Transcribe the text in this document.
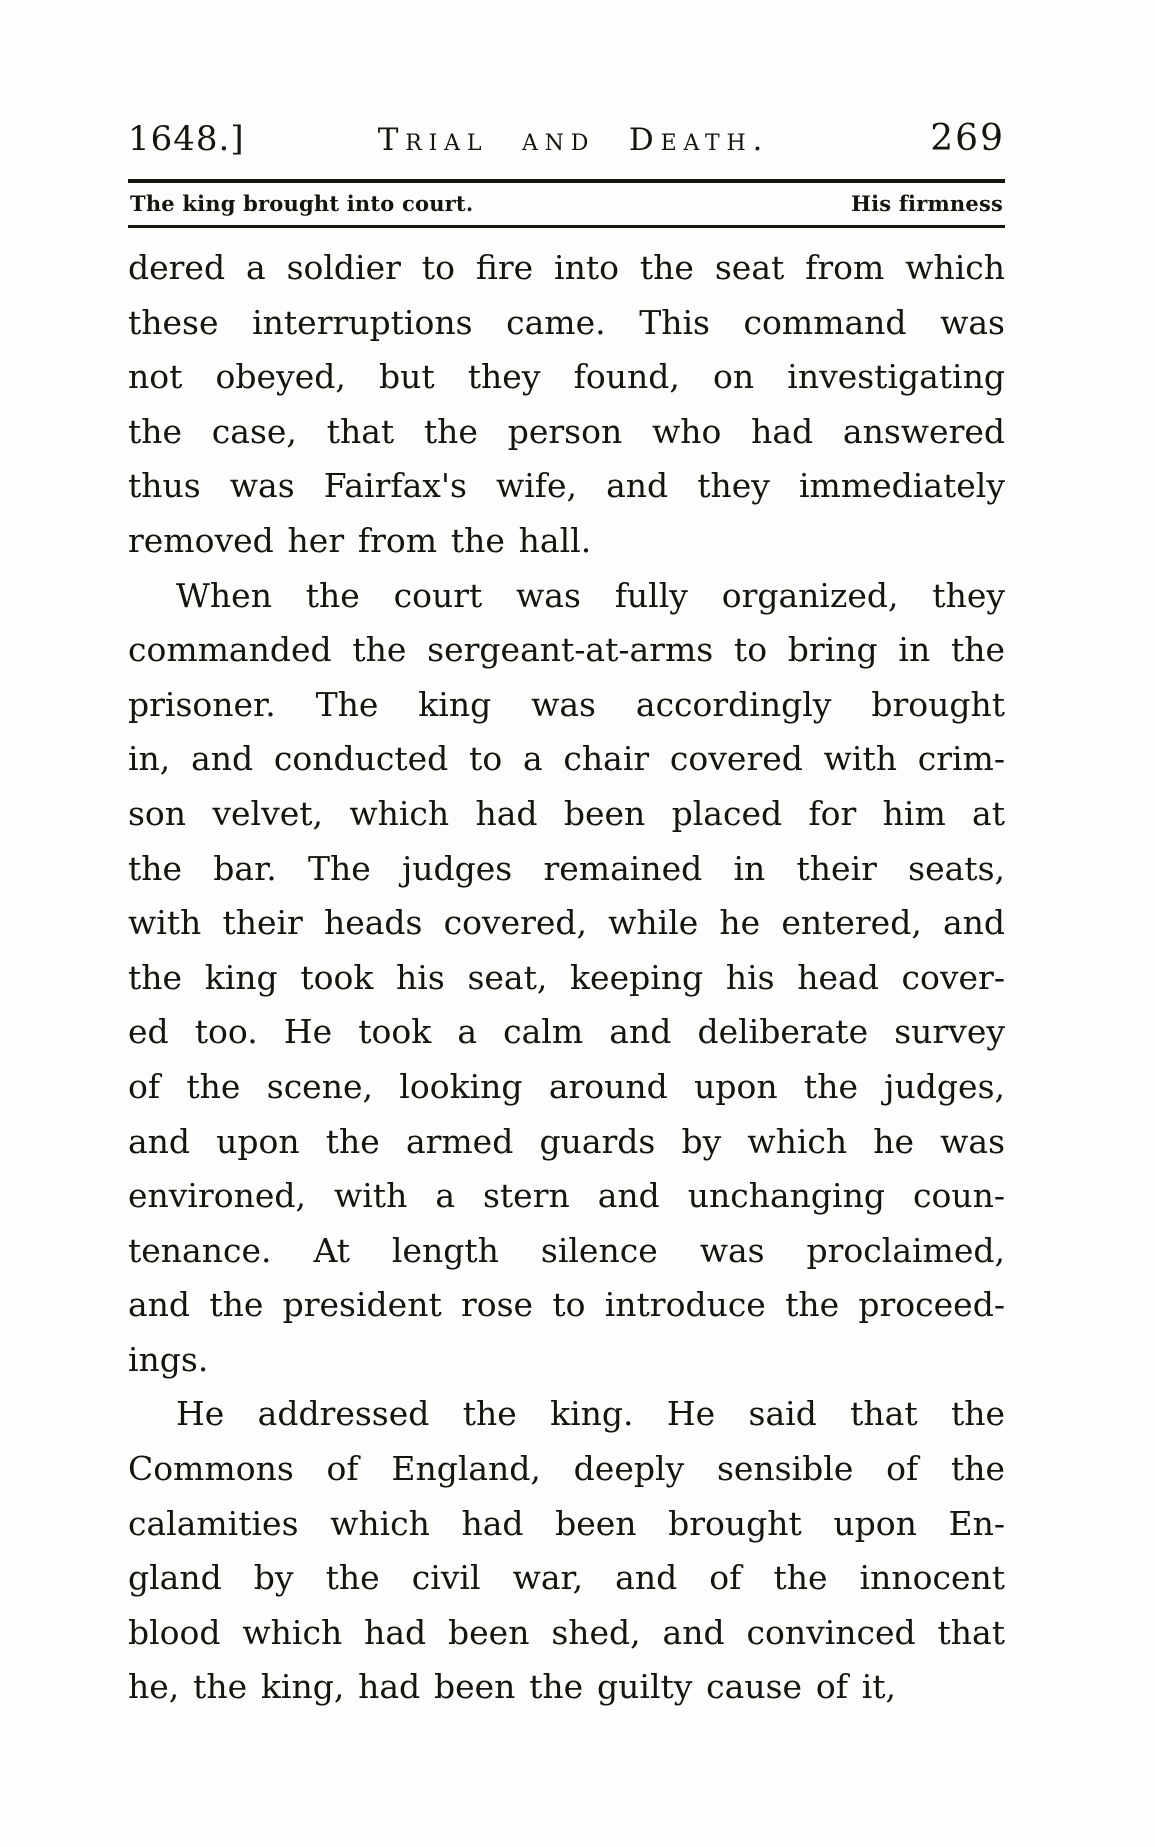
1648.]	Trial and Death.	269
The king brought into court.	His firmness
dered a soldier to fire into the seat from which
these interruptions came. This command was
not obeyed, but they found, on investigating
the case, that the person who had answered
thus was Fairfax's wife, and they immediately
removed her from the hall.
When the court was fully organized, they
commanded the sergeant-at-arms to bring in the
prisoner. The king was accordingly brought
in, and conducted to a chair covered with crim-
son velvet, which had been placed for him at
the bar. The judges remained in their seats,
with their heads covered, while he entered, and
the king took his seat, keeping his head cover-
ed too. He took a calm and deliberate survey
of the scene, looking around upon the judges,
and upon the armed guards by which he was
environed, with a stern and unchanging coun-
tenance. At length silence was proclaimed,
and the president rose to introduce the proceed-
ings.
He addressed the king. He said that the
Commons of England, deeply sensible of the
calamities which had been brought upon En-
gland by the civil war, and of the innocent
blood which had been shed, and convinced that
he, the king, had been the guilty cause of it,
